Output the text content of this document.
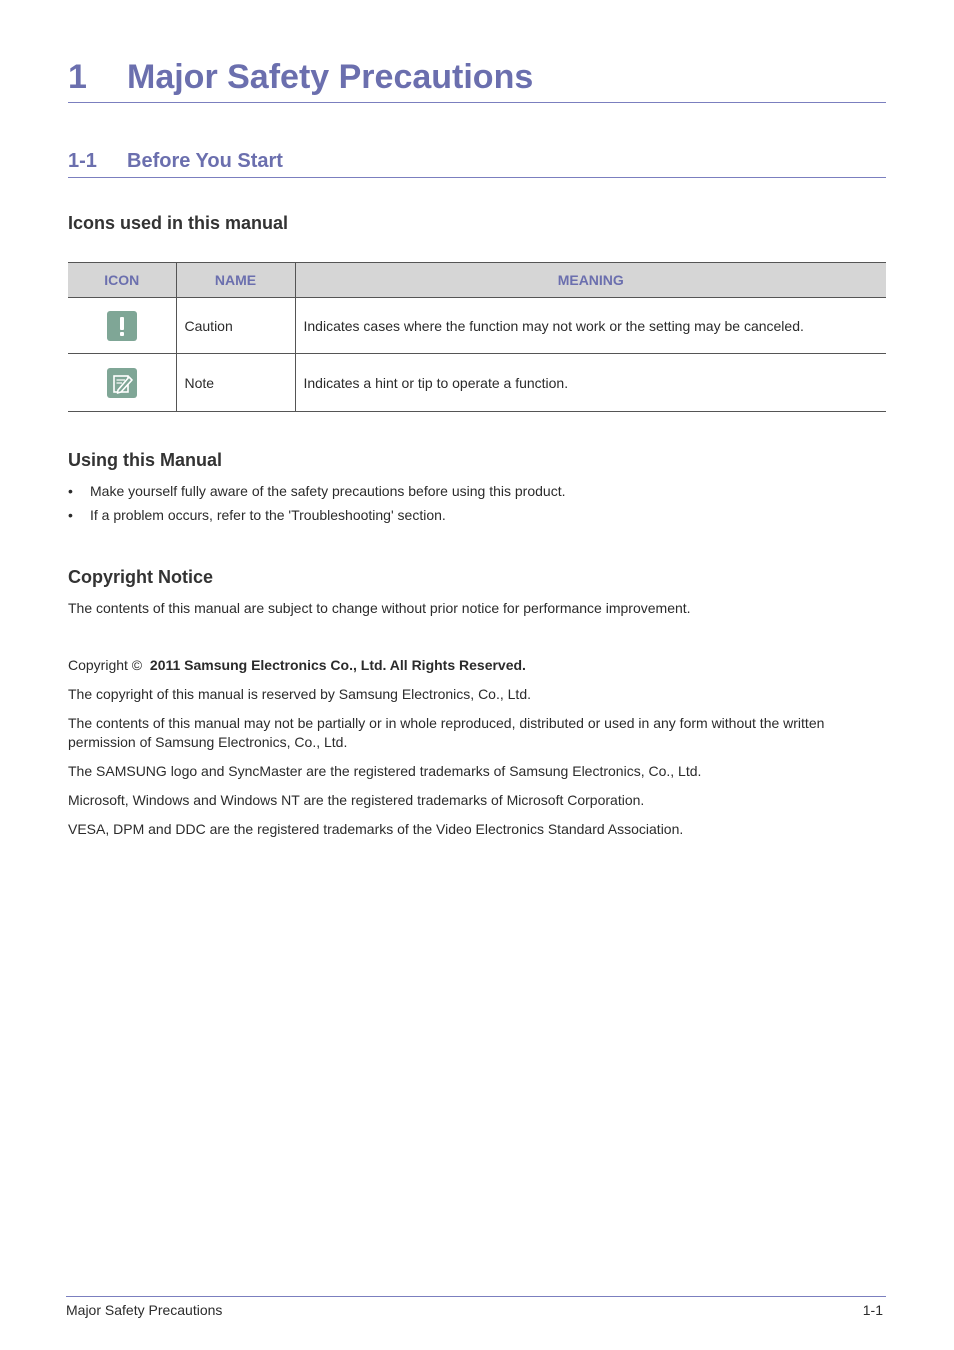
1 Major Safety Precautions
1-1 Before You Start
Icons used in this manual
ICON	NAME	MEANING
	Caution	Indicates cases where the function may not work or the setting may be canceled.
	Note	Indicates a hint or tip to operate a function.
Using this Manual
• Make yourself fully aware of the safety precautions before using this product.
• If a problem occurs, refer to the 'Troubleshooting' section.
Copyright Notice
The contents of this manual are subject to change without prior notice for performance improvement.
Copyright © 2011 Samsung Electronics Co., Ltd. All Rights Reserved.
The copyright of this manual is reserved by Samsung Electronics, Co., Ltd.
The contents of this manual may not be partially or in whole reproduced, distributed or used in any form without the written permission of Samsung Electronics, Co., Ltd.
The SAMSUNG logo and SyncMaster are the registered trademarks of Samsung Electronics, Co., Ltd.
Microsoft, Windows and Windows NT are the registered trademarks of Microsoft Corporation.
VESA, DPM and DDC are the registered trademarks of the Video Electronics Standard Association.
Major Safety Precautions	1-1
